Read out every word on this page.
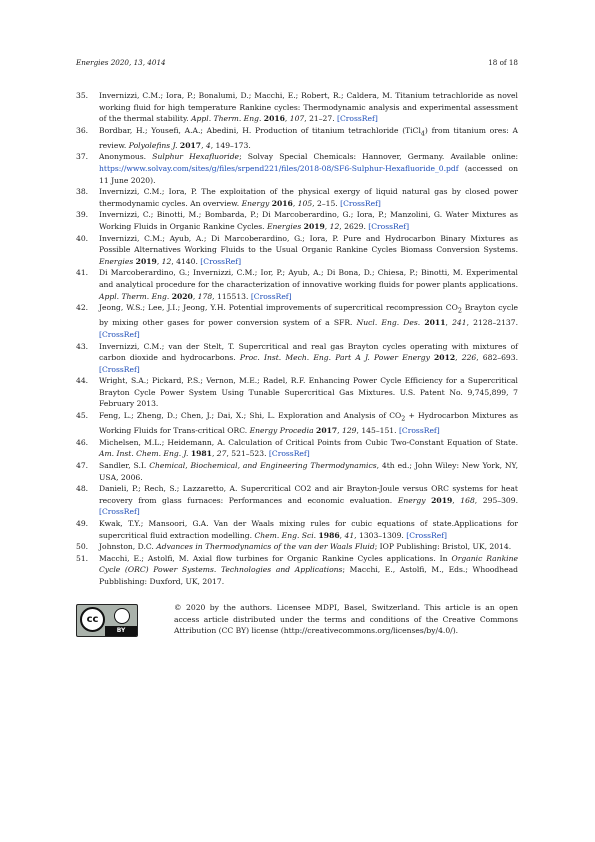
Energies 2020, 13, 4014	18 of 18
35. Invernizzi, C.M.; Iora, P.; Bonalumi, D.; Macchi, E.; Robert, R.; Caldera, M. Titanium tetrachloride as novel working fluid for high temperature Rankine cycles: Thermodynamic analysis and experimental assessment of the thermal stability. Appl. Therm. Eng. 2016, 107, 21–27. [CrossRef]
36. Bordbar, H.; Yousefi, A.A.; Abedini, H. Production of titanium tetrachloride (TiCl$_4$) from titanium ores: A review. Polyolefins J. 2017, 4, 149–173.
37. Anonymous. Sulphur Hexafluoride; Solvay Special Chemicals: Hannover, Germany. Available online: https://www.solvay.com/sites/g/files/srpend221/files/2018-08/SF6-Sulphur-Hexafluoride_0.pdf (accessed on 11 June 2020).
38. Invernizzi, C.M.; Iora, P. The exploitation of the physical exergy of liquid natural gas by closed power thermodynamic cycles. An overview. Energy 2016, 105, 2–15. [CrossRef]
39. Invernizzi, C.; Binotti, M.; Bombarda, P.; Di Marcoberardino, G.; Iora, P.; Manzolini, G. Water Mixtures as Working Fluids in Organic Rankine Cycles. Energies 2019, 12, 2629. [CrossRef]
40. Invernizzi, C.M.; Ayub, A.; Di Marcoberardino, G.; Iora, P. Pure and Hydrocarbon Binary Mixtures as Possible Alternatives Working Fluids to the Usual Organic Rankine Cycles Biomass Conversion Systems. Energies 2019, 12, 4140. [CrossRef]
41. Di Marcoberardino, G.; Invernizzi, C.M.; Ior, P.; Ayub, A.; Di Bona, D.; Chiesa, P.; Binotti, M. Experimental and analytical procedure for the characterization of innovative working fluids for power plants applications. Appl. Therm. Eng. 2020, 178, 115513. [CrossRef]
42. Jeong, W.S.; Lee, J.I.; Jeong, Y.H. Potential improvements of supercritical recompression $CO_2$ Brayton cycle by mixing other gases for power conversion system of a SFR. Nucl. Eng. Des. 2011, 241, 2128–2137. [CrossRef]
43. Invernizzi, C.M.; van der Stelt, T. Supercritical and real gas Brayton cycles operating with mixtures of carbon dioxide and hydrocarbons. Proc. Inst. Mech. Eng. Part A J. Power Energy 2012, 226, 682–693. [CrossRef]
44. Wright, S.A.; Pickard, P.S.; Vernon, M.E.; Radel, R.F. Enhancing Power Cycle Efficiency for a Supercritical Brayton Cycle Power System Using Tunable Supercritical Gas Mixtures. U.S. Patent No. 9,745,899, 7 February 2013.
45. Feng, L.; Zheng, D.; Chen, J.; Dai, X.; Shi, L. Exploration and Analysis of $CO_2$ + Hydrocarbon Mixtures as Working Fluids for Trans-critical ORC. Energy Procedia 2017, 129, 145–151. [CrossRef]
46. Michelsen, M.L.; Heidemann, A. Calculation of Critical Points from Cubic Two-Constant Equation of State. Am. Inst. Chem. Eng. J. 1981, 27, 521–523. [CrossRef]
47. Sandler, S.I. Chemical, Biochemical, and Engineering Thermodynamics, 4th ed.; John Wiley: New York, NY, USA, 2006.
48. Danieli, P.; Rech, S.; Lazzaretto, A. Supercritical CO2 and air Brayton-Joule versus ORC systems for heat recovery from glass furnaces: Performances and economic evaluation. Energy 2019, 168, 295–309. [CrossRef]
49. Kwak, T.Y.; Mansoori, G.A. Van der Waals mixing rules for cubic equations of state.Applications for supercritical fluid extraction modelling. Chem. Eng. Sci. 1986, 41, 1303–1309. [CrossRef]
50. Johnston, D.C. Advances in Thermodynamics of the van der Waals Fluid; IOP Publishing: Bristol, UK, 2014.
51. Macchi, E.; Astolfi, M. Axial flow turbines for Organic Rankine Cycles applications. In Organic Rankine Cycle (ORC) Power Systems. Technologies and Applications; Macchi, E., Astolfi, M., Eds.; Whoodhead Pubblishing: Duxford, UK, 2017.
cc
BY
© 2020 by the authors. Licensee MDPI, Basel, Switzerland. This article is an open access article distributed under the terms and conditions of the Creative Commons Attribution (CC BY) license (http://creativecommons.org/licenses/by/4.0/).
